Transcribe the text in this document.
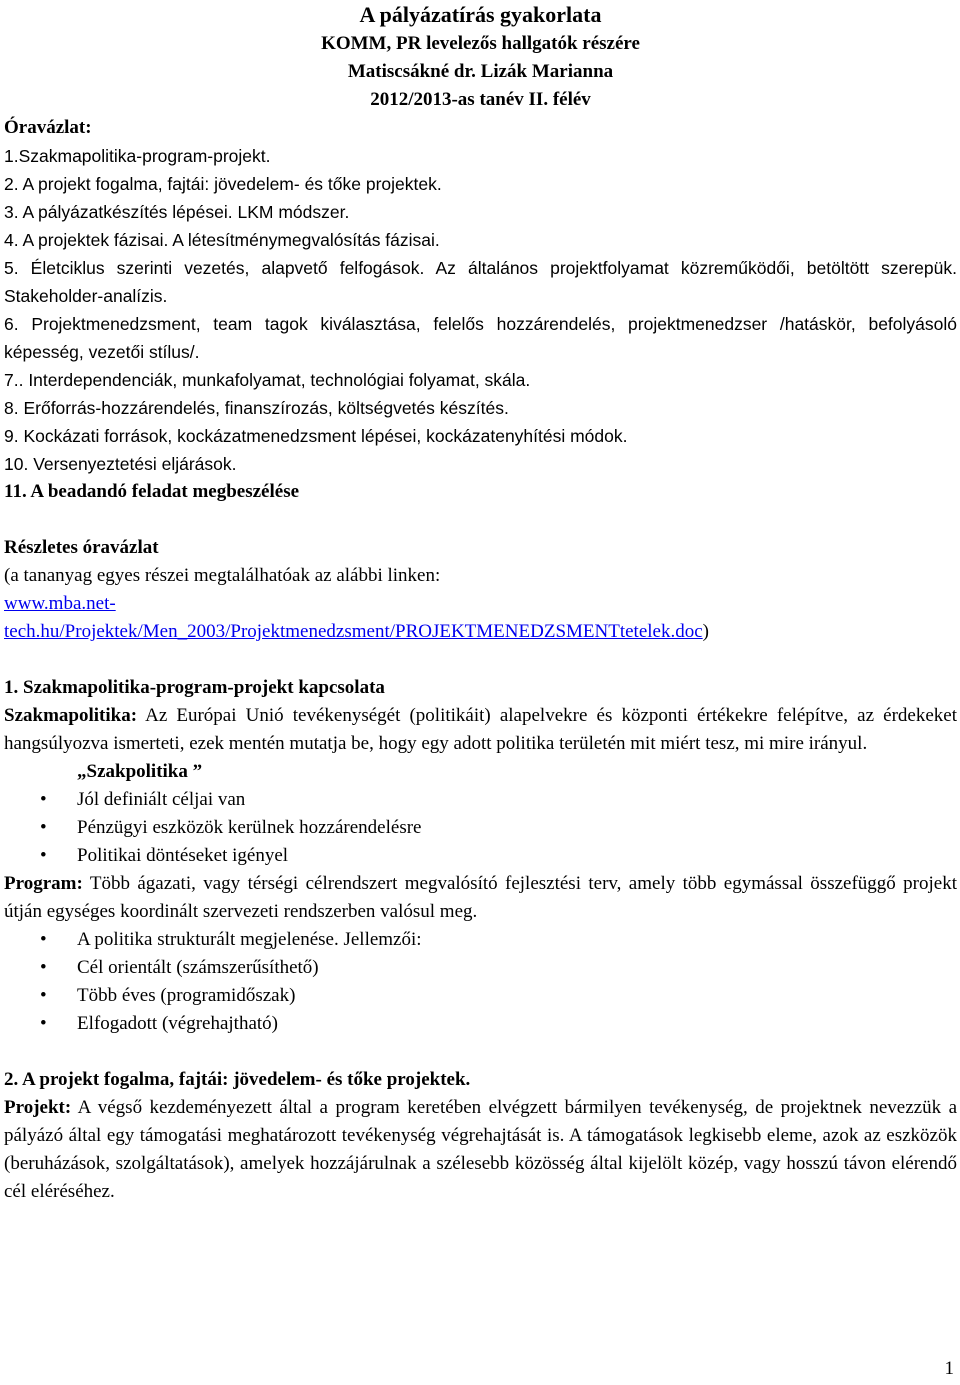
A pályázatírás gyakorlata
KOMM, PR levelezős hallgatók részére
Matiscsákné dr. Lizák Marianna
2012/2013-as tanév II. félév
Óravázlat:
1.Szakmapolitika-program-projekt.
2. A projekt fogalma, fajtái: jövedelem- és tőke projektek.
3. A pályázatkészítés lépései. LKM módszer.
4. A projektek fázisai. A létesítménymegvalósítás fázisai.
5. Életciklus szerinti vezetés, alapvető felfogások. Az általános projektfolyamat közreműködői, betöltött szerepük. Stakeholder-analízis.
6. Projektmenedzsment, team tagok kiválasztása, felelős hozzárendelés, projektmenedzser /hatáskör, befolyásoló képesség, vezetői stílus/.
7.. Interdependenciák, munkafolyamat, technológiai folyamat, skála.
8. Erőforrás-hozzárendelés, finanszírozás, költségvetés készítés.
9. Kockázati források, kockázatmenedzsment lépései, kockázatenyhítési módok.
10. Versenyeztetési eljárások.
11. A beadandó feladat megbeszélése
Részletes óravázlat
(a tananyag egyes részei megtalálhatóak az alábbi linken:
www.mba.net-
tech.hu/Projektek/Men_2003/Projektmenedzsment/PROJEKTMENEDZSMENTtetelek.doc)
1. Szakmapolitika-program-projekt kapcsolata
Szakmapolitika: Az Európai Unió tevékenységét (politikáit) alapelvekre és központi értékekre felépítve, az érdekeket hangsúlyozva ismerteti, ezek mentén mutatja be, hogy egy adott politika területén mit miért tesz, mi mire irányul.
„Szakpolitika ”
• Jól definiált céljai van
• Pénzügyi eszközök kerülnek hozzárendelésre
• Politikai döntéseket igényel
Program: Több ágazati, vagy térségi célrendszert megvalósító fejlesztési terv, amely több egymással összefüggő projekt útján egységes koordinált szervezeti rendszerben valósul meg.
• A politika strukturált megjelenése. Jellemzői:
• Cél orientált (számszerűsíthető)
• Több éves (programidőszak)
• Elfogadott (végrehajtható)
2. A projekt fogalma, fajtái: jövedelem- és tőke projektek.
Projekt: A végső kezdeményezett által a program keretében elvégzett bármilyen tevékenység, de projektnek nevezzük a pályázó által egy támogatási meghatározott tevékenység végrehajtását is. A támogatások legkisebb eleme, azok az eszközök (beruházások, szolgáltatások), amelyek hozzájárulnak a szélesebb közösség által kijelölt közép, vagy hosszú távon elérendő cél eléréséhez.
1
